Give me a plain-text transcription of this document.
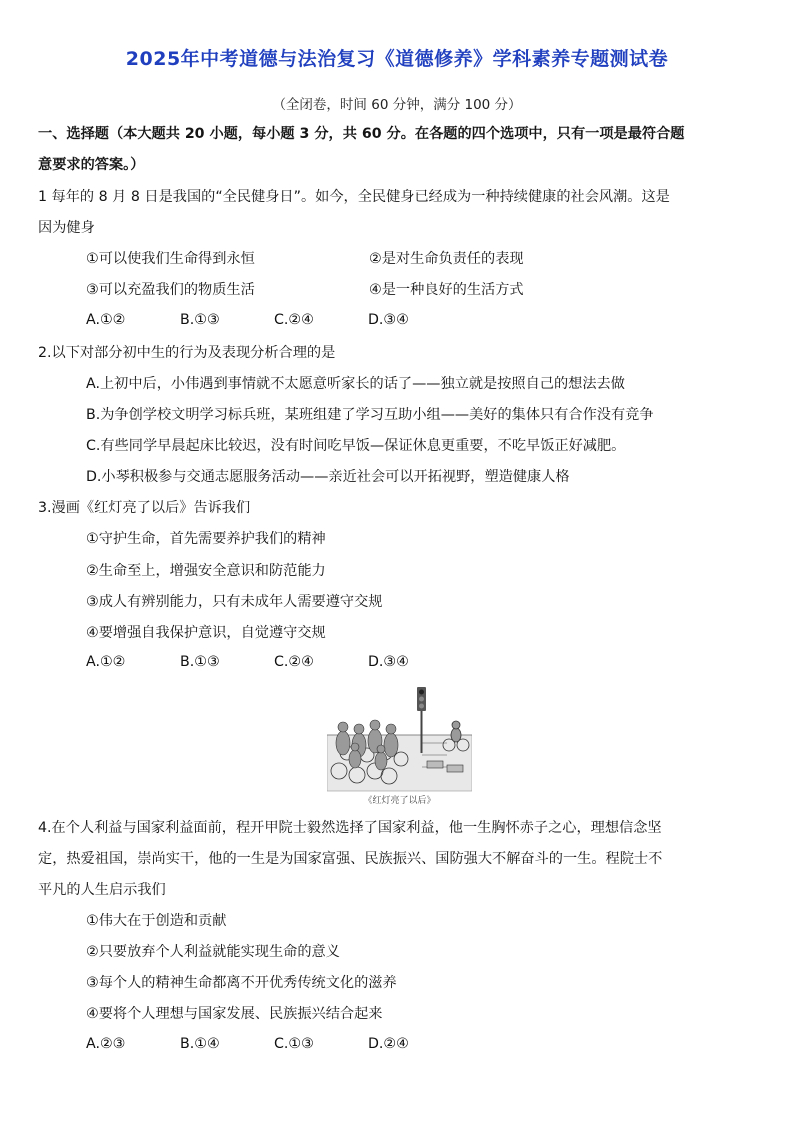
2025年中考道德与法治复习《道德修养》学科素养专题测试卷
（全闭卷，时间 60 分钟，满分 100 分）
一、选择题（本大题共 20 小题，每小题 3 分，共 60 分。在各题的四个选项中，只有一项是最符合题
意要求的答案。）
1 每年的 8 月 8 日是我国的“全民健身日”。如今，全民健身已经成为一种持续健康的社会风潮。这是
因为健身
①可以使我们生命得到永恒	②是对生命负责任的表现
③可以充盈我们的物质生活	④是一种良好的生活方式
A.①②	B.①③	C.②④	D.③④
2.以下对部分初中生的行为及表现分析合理的是
A.上初中后，小伟遇到事情就不太愿意听家长的话了——独立就是按照自己的想法去做
B.为争创学校文明学习标兵班，某班组建了学习互助小组——美好的集体只有合作没有竞争
C.有些同学早晨起床比较迟，没有时间吃早饭—保证休息更重要，不吃早饭正好减肥。
D.小琴积极参与交通志愿服务活动——亲近社会可以开拓视野，塑造健康人格
3.漫画《红灯亮了以后》告诉我们
①守护生命，首先需要养护我们的精神
②生命至上，增强安全意识和防范能力
③成人有辨别能力，只有未成年人需要遵守交规
④要增强自我保护意识，自觉遵守交规
A.①②	B.①③	C.②④	D.③④
《红灯亮了以后》
4.在个人利益与国家利益面前，程开甲院士毅然选择了国家利益，他一生胸怀赤子之心，理想信念坚
定，热爱祖国，崇尚实干，他的一生是为国家富强、民族振兴、国防强大不解奋斗的一生。程院士不
平凡的人生启示我们
①伟大在于创造和贡献
②只要放弃个人利益就能实现生命的意义
③每个人的精神生命都离不开优秀传统文化的滋养
④要将个人理想与国家发展、民族振兴结合起来
A.②③	B.①④	C.①③	D.②④
